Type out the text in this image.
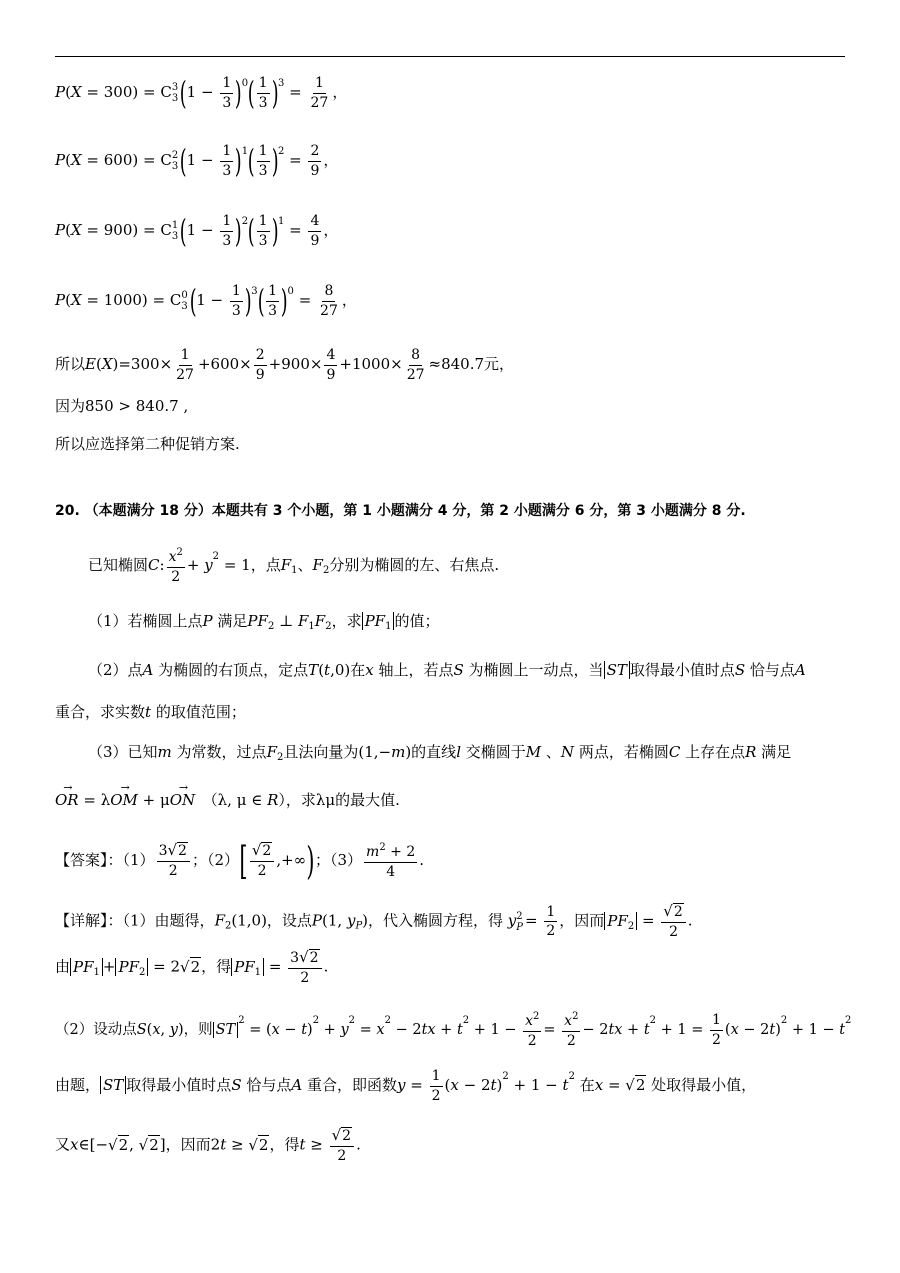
P(X = 300) = C 3
3 $(1 - \frac{1}{3} )^0( \frac{1}{3} )^3 = \frac{1}{27}$ ，
P(X = 600) = C 2
3 $(1 - \frac{1}{3} )^1( \frac{1}{3} )^2 = \frac{2}{9}$ ，
P(X = 900) = C 1
3 $(1 - \frac{1}{3} )^2( \frac{1}{3} )^1 = \frac{4}{9}$ ，
P(X = 1000) = C 0
3 $(1 - \frac{1}{3} )^3( \frac{1}{3} )^0 = \frac{8}{27}$ ，
所以$E(X)=300\times \frac{1}{27} +600\times \frac{2}{9} +900\times \frac{4}{9} +1000\times \frac{8}{27} \approx 840.7$元，
因为850 > 840.7 ,
所以应选择第二种促销方案.
20. （本题满分 18 分）本题共有 3 个小题，第 1 小题满分 4 分，第 2 小题满分 6 分，第 3 小题满分 8 分.
已知椭圆C: $\frac{x^2}{2} + y^2 = 1$，点$F_1$、$F_2$分别为椭圆的左、右焦点.
（1）若椭圆上点P 满足$PF_2$ ⊥ $F_1F_2$，求 $PF_1$ 的值；
（2）点A 为椭圆的右顶点，定点T(t,0)在x 轴上，若点S 为椭圆上一动点，当 ST 取得最小值时点S 恰与点A
重合，求实数t 的取值范围；
（3）已知m 为常数，过点$F_2$且法向量为(1,−m)的直线l 交椭圆于M 、N 两点，若椭圆C 上存在点R 满足
→ OR = λ→ OM + μ→ ON　（λ, μ ∈ R），求λμ的最大值.
【答案】：$(1) \frac{3√2}{2}$ ；$(2)[ \frac{√2}{2}$ ,+∞)；$(3) \frac{m^2 + 2}{4}$ .
【详解】：（1）由题得，$F_2(1,0)$，设点P(1, $y_P$)，代入椭圆方程，得 y 2
$P = \frac{1}{2}$ ，因而 $PF_2 = \frac{√2}{2}$ .
由 $PF_1 + PF_2 = 2√2$，得 $PF_1 = \frac{3√2}{2}$ .
（2）设动点S(x, y)，则 $ST^2 = (x - t)^2 + y^2 = x^2 - 2tx + t^2 + 1 - \frac{x^2}{2} = \frac{x^2}{2} - 2tx + t^2 + 1 = \frac{1}{2} (x - 2t)^2 + 1 - t^2$
由题， ST 取得最小值时点S 恰与点A 重合，即函数$y = \frac{1}{2} (x - 2t)^2 + 1 - t^2$ 在x = √2 处取得最小值，
又x∈[−√2, √2]，因而2t ≥ √2，得$t \ge \frac{√2}{2}$ .
